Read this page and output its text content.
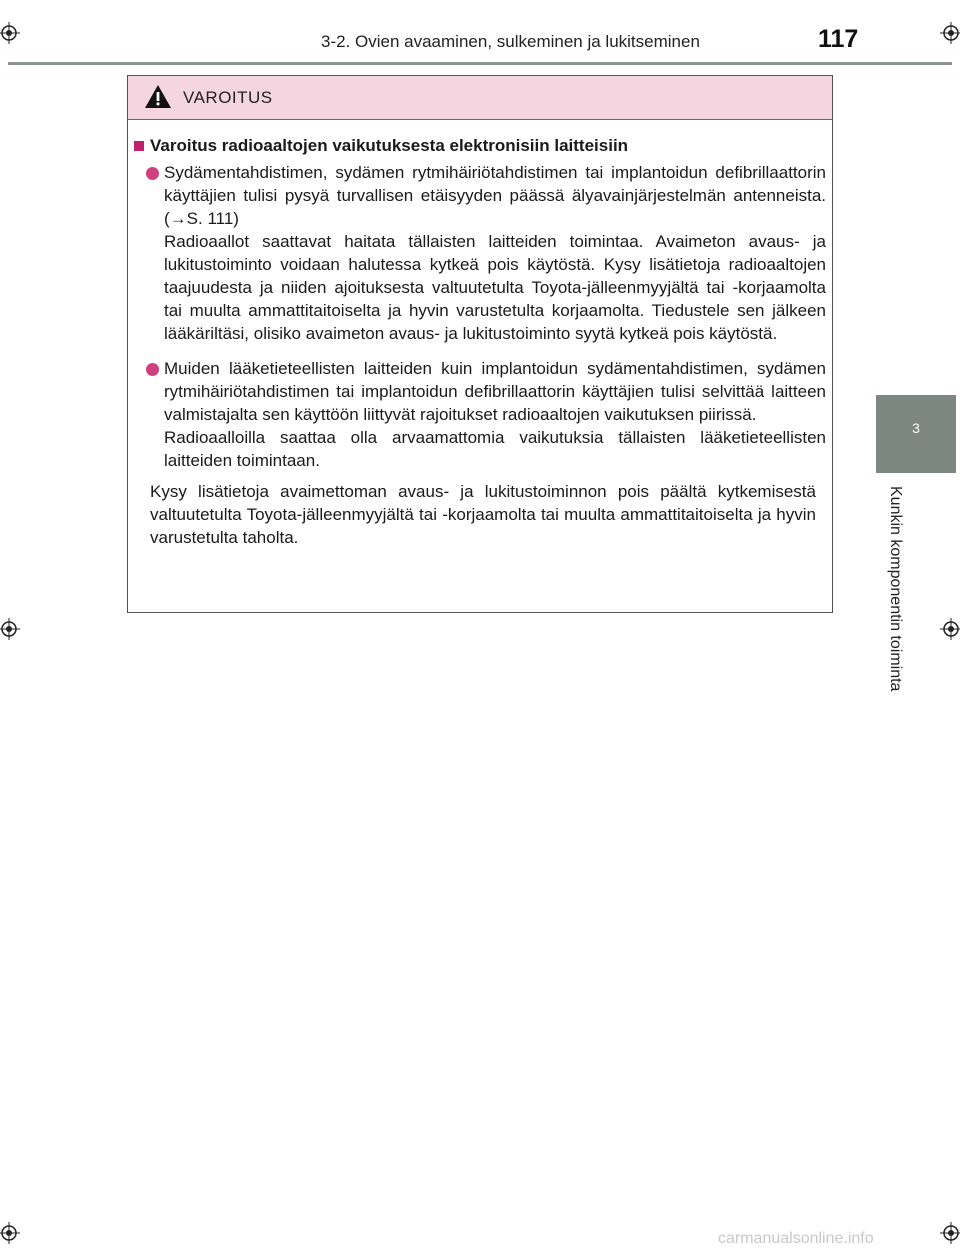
3-2. Ovien avaaminen, sulkeminen ja lukitseminen	117
3
Kunkin komponentin toiminta
VAROITUS
Varoitus radioaaltojen vaikutuksesta elektronisiin laitteisiin

Sydämentahdistimen, sydämen rytmihäiriötahdistimen tai implantoidun defibrillaattorin käyttäjien tulisi pysyä turvallisen etäisyyden päässä älyavainjärjestelmän antenneista. (→S. 111)

Radioaallot saattavat haitata tällaisten laitteiden toimintaa. Avaimeton avaus- ja lukitustoiminto voidaan halutessa kytkeä pois käytöstä. Kysy lisätietoja radioaaltojen taajuudesta ja niiden ajoituksesta valtuutetulta Toyota-jälleenmyyjältä tai -korjaamolta tai muulta ammattitaitoiselta ja hyvin varustetulta korjaamolta. Tiedustele sen jälkeen lääkäriltäsi, olisiko avaimeton avaus- ja lukitustoiminto syytä kytkeä pois käytöstä.

Muiden lääketieteellisten laitteiden kuin implantoidun sydämentahdistimen, sydämen rytmihäiriötahdistimen tai implantoidun defibrillaattorin käyttäjien tulisi selvittää laitteen valmistajalta sen käyttöön liittyvät rajoitukset radioaaltojen vaikutuksen piirissä.

Radioaalloilla saattaa olla arvaamattomia vaikutuksia tällaisten lääketieteellisten laitteiden toimintaan.

Kysy lisätietoja avaimettoman avaus- ja lukitustoiminnon pois päältä kytkemisestä valtuutetulta Toyota-jälleenmyyjältä tai -korjaamolta tai muulta ammattitaitoiselta ja hyvin varustetulta taholta.
carmanualsonline.info
